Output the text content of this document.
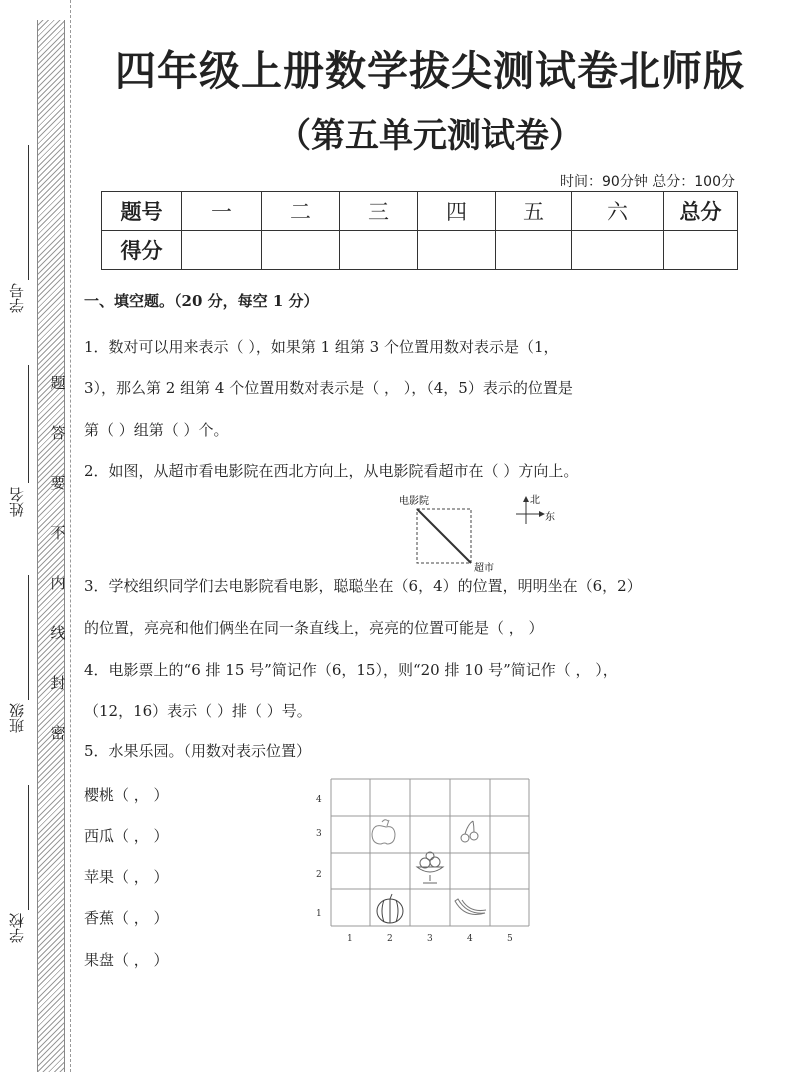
学号
姓名
班级
学校
题
答
要
不
内
线
封
密
四年级上册数学拔尖测试卷北师版
（第五单元测试卷）
时间：90分钟 总分：100分
题号	一	二	三	四	五	六	总分
得分							
一、填空题。（20 分，每空 1 分）
1．数对可以用来表示（ ），如果第 1 组第 3 个位置用数对表示是（1，
3），那么第 2 组第 4 个位置用数对表示是（ ， ），（4，5）表示的位置是
第（ ）组第（ ）个。
2．如图，从超市看电影院在西北方向上，从电影院看超市在（ ）方向上。
电影院
超市
北
东
3．学校组织同学们去电影院看电影，聪聪坐在（6，4）的位置，明明坐在（6，2）
的位置，亮亮和他们俩坐在同一条直线上，亮亮的位置可能是（ ， ）
4．电影票上的“6 排 15 号”简记作（6，15），则“20 排 10 号”简记作（ ， ），
（12，16）表示（ ）排（ ）号。
5．水果乐园。（用数对表示位置）
樱桃（ ， ）
西瓜（ ， ）
苹果（ ， ）
香蕉（ ， ）
果盘（ ， ）
4
3
2
1
1	2	3	4	5
